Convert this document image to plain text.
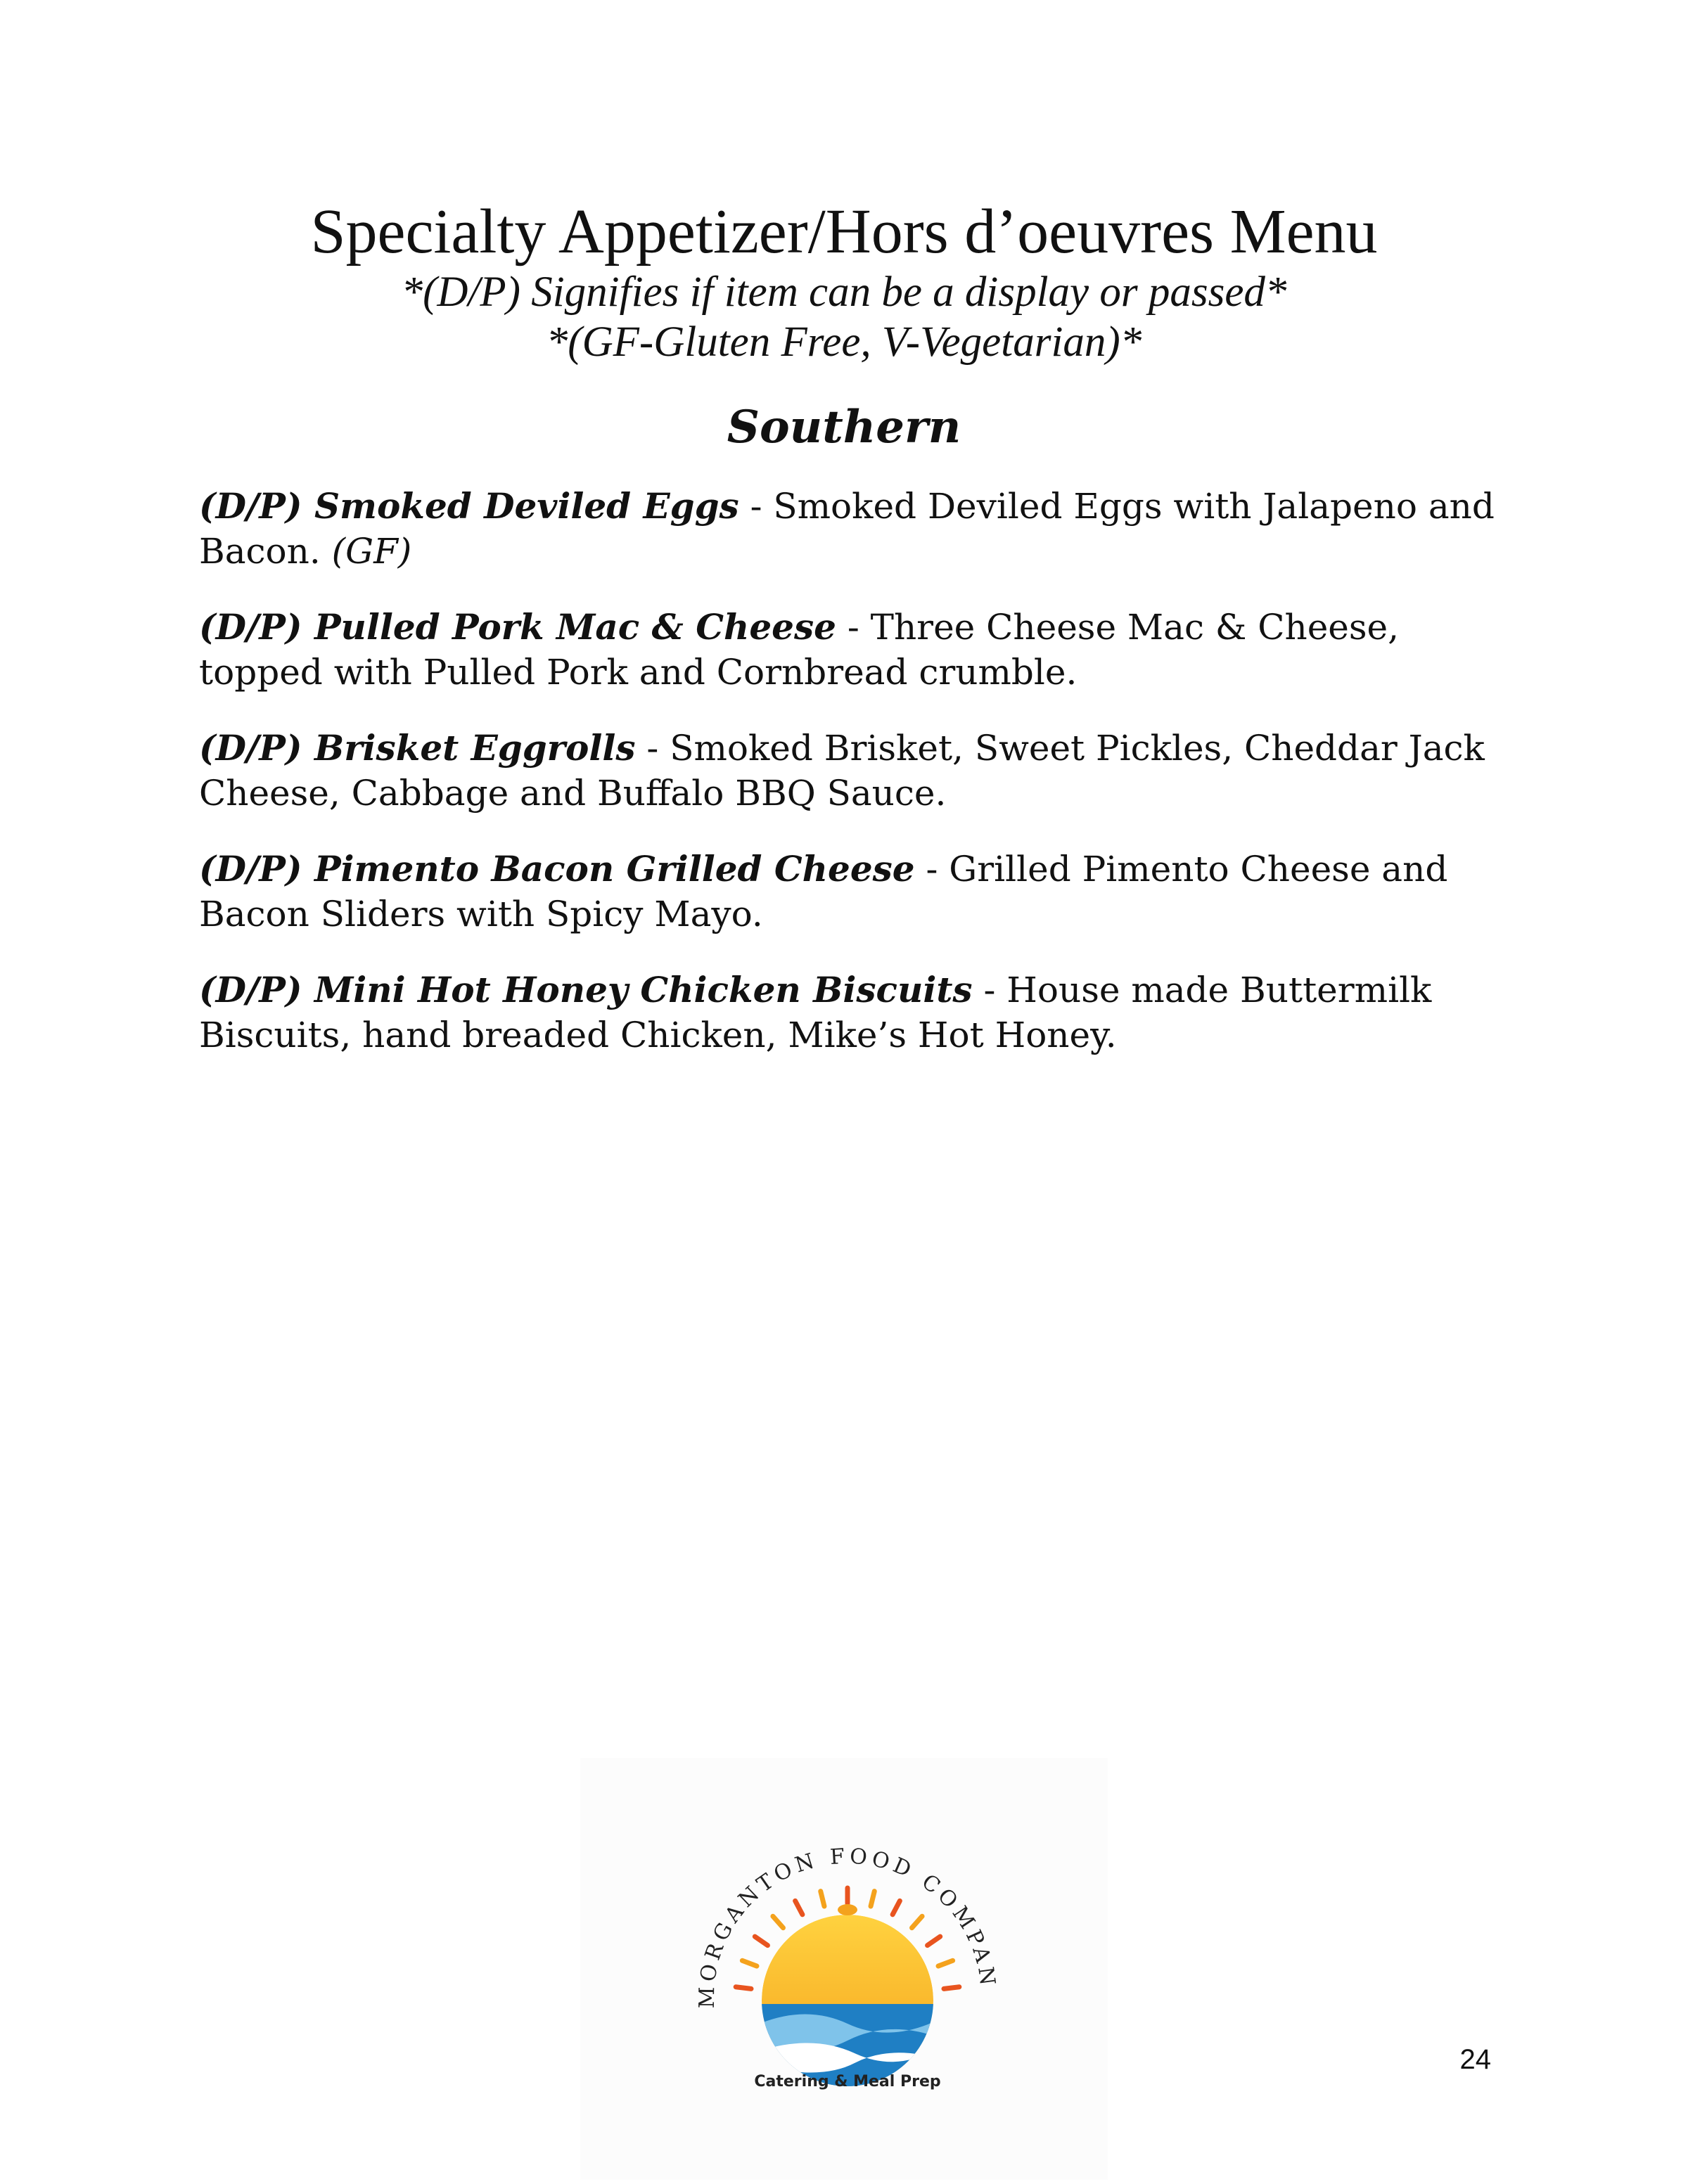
Specialty Appetizer/Hors d’oeuvres Menu
*(D/P) Signifies if item can be a display or passed*
*(GF-Gluten Free, V-Vegetarian)*
Southern

(D/P) Smoked Deviled Eggs - Smoked Deviled Eggs with Jalapeno and Bacon. (GF)

(D/P) Pulled Pork Mac & Cheese - Three Cheese Mac & Cheese, topped with Pulled Pork and Cornbread crumble.

(D/P) Brisket Eggrolls - Smoked Brisket, Sweet Pickles, Cheddar Jack Cheese, Cabbage and Buffalo BBQ Sauce.

(D/P) Pimento Bacon Grilled Cheese - Grilled Pimento Cheese and Bacon Sliders with Spicy Mayo.

(D/P) Mini Hot Honey Chicken Biscuits - House made Buttermilk Biscuits, hand breaded Chicken, Mike’s Hot Honey.

MORGANTON FOOD COMPAN
Catering & Meal Prep
24
